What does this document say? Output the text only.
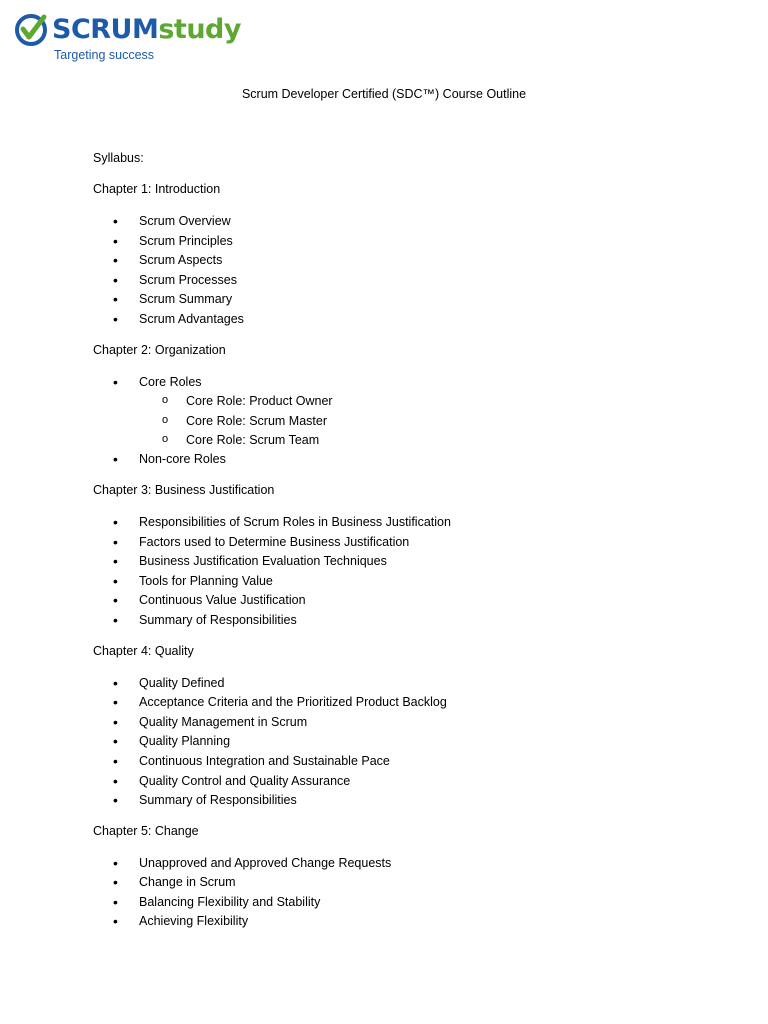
SCRUMstudy
Targeting success
Scrum Developer Certified (SDC™) Course Outline

Syllabus:

Chapter 1: Introduction

• Scrum Overview
• Scrum Principles
• Scrum Aspects
• Scrum Processes
• Scrum Summary
• Scrum Advantages

Chapter 2: Organization

• Core Roles
o Core Role: Product Owner
o Core Role: Scrum Master
o Core Role: Scrum Team
• Non-core Roles

Chapter 3: Business Justification

• Responsibilities of Scrum Roles in Business Justification
• Factors used to Determine Business Justification
• Business Justification Evaluation Techniques
• Tools for Planning Value
• Continuous Value Justification
• Summary of Responsibilities

Chapter 4: Quality

• Quality Defined
• Acceptance Criteria and the Prioritized Product Backlog
• Quality Management in Scrum
• Quality Planning
• Continuous Integration and Sustainable Pace
• Quality Control and Quality Assurance
• Summary of Responsibilities

Chapter 5: Change

• Unapproved and Approved Change Requests
• Change in Scrum
• Balancing Flexibility and Stability
• Achieving Flexibility
